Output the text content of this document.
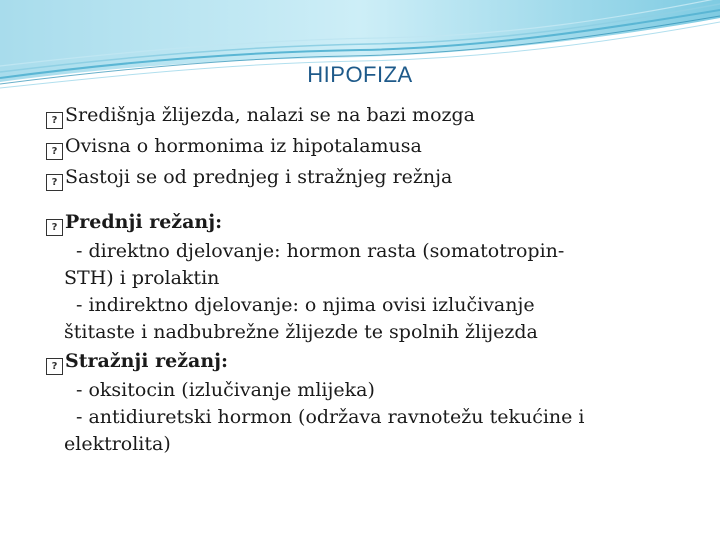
HIPOFIZA

?Središnja žlijezda, nalazi se na bazi mozga

?Ovisna o hormonima iz hipotalamusa

?Sastoji se od prednjeg i stražnjeg režnja

?Prednji režanj:

- direktno djelovanje: hormon rasta (somatotropin-
STH) i prolaktin
- indirektno djelovanje: o njima ovisi izlučivanje
štitaste i nadbubrežne žlijezde te spolnih žlijezda

?Stražnji režanj:

- oksitocin (izlučivanje mlijeka)
- antidiuretski hormon (održava ravnotežu tekućine i
elektrolita)
